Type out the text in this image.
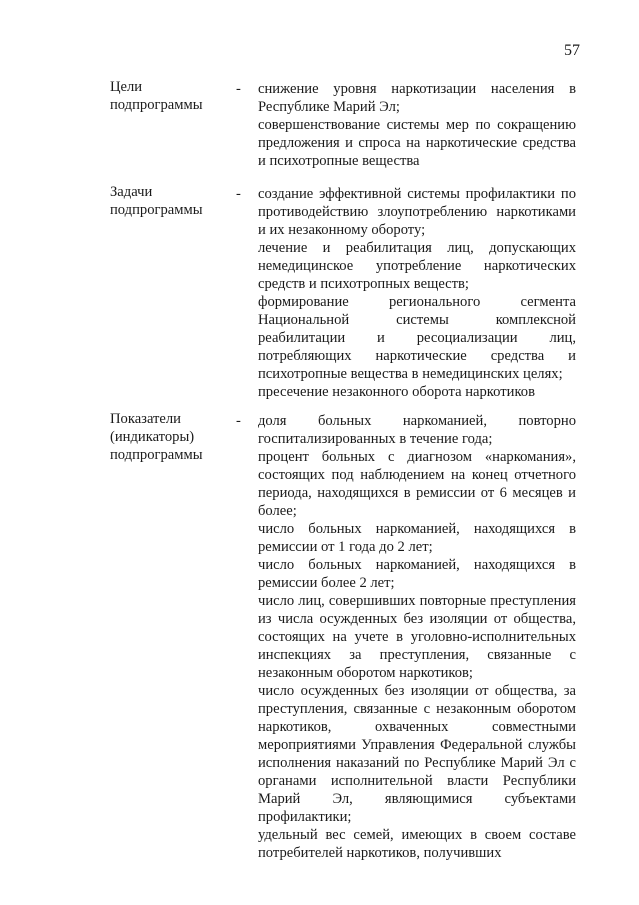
57
Цели
подпрограммы
- снижение уровня наркотизации населения в Республике Марий Эл;

совершенствование системы мер по сокращению предложения и спроса на наркотические средства и психотропные вещества

Задачи
подпрограммы
- создание эффективной системы профилактики по противодействию злоупотреблению наркотиками и их незаконному обороту;

лечение и реабилитация лиц, допускающих немедицинское употребление наркотических средств и психотропных веществ;

формирование регионального сегмента Национальной системы комплексной реабилитации и ресоциализации лиц, потребляющих наркотические средства и психотропные вещества в немедицинских целях;

пресечение незаконного оборота наркотиков

Показатели
(индикаторы)
подпрограммы
- доля больных наркоманией, повторно госпитализированных в течение года;

процент больных с диагнозом «наркомания», состоящих под наблюдением на конец отчетного периода, находящихся в ремиссии от 6 месяцев и более;

число больных наркоманией, находящихся в ремиссии от 1 года до 2 лет;

число больных наркоманией, находящихся в ремиссии более 2 лет;

число лиц, совершивших повторные преступления из числа осужденных без изоляции от общества, состоящих на учете в уголовно-исполнительных инспекциях за преступления, связанные с незаконным оборотом наркотиков;

число осужденных без изоляции от общества, за преступления, связанные с незаконным оборотом наркотиков, охваченных совместными мероприятиями Управления Федеральной службы исполнения наказаний по Республике Марий Эл с органами исполнительной власти Республики Марий Эл, являющимися субъектами профилактики;

удельный вес семей, имеющих в своем составе потребителей наркотиков, получивших
